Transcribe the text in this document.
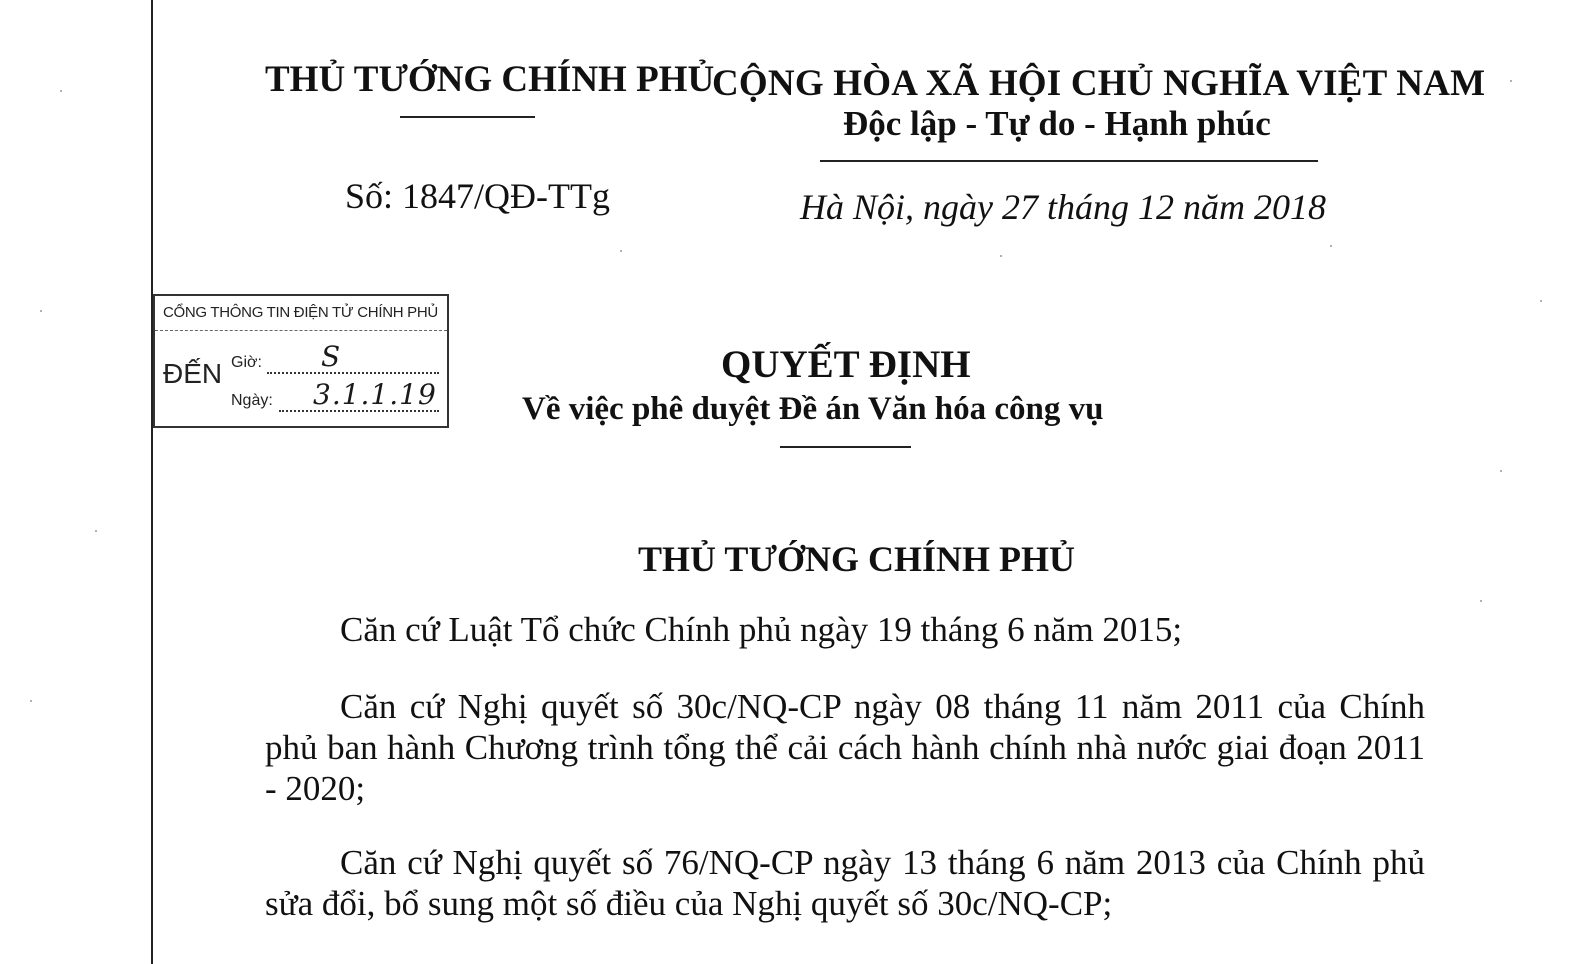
THỦ TƯỚNG CHÍNH PHỦ
CỘNG HÒA XÃ HỘI CHỦ NGHĨA VIỆT NAM
Độc lập - Tự do - Hạnh phúc
Số: 1847/QĐ-TTg	Hà Nội, ngày 27 tháng 12 năm 2018
CỔNG THÔNG TIN ĐIỆN TỬ CHÍNH PHỦ
ĐẾN Giờ: S
Ngày: 3.1.1.19
QUYẾT ĐỊNH
Về việc phê duyệt Đề án Văn hóa công vụ
THỦ TƯỚNG CHÍNH PHỦ
Căn cứ Luật Tổ chức Chính phủ ngày 19 tháng 6 năm 2015;
Căn cứ Nghị quyết số 30c/NQ-CP ngày 08 tháng 11 năm 2011 của Chính phủ ban hành Chương trình tổng thể cải cách hành chính nhà nước giai đoạn 2011 - 2020;
Căn cứ Nghị quyết số 76/NQ-CP ngày 13 tháng 6 năm 2013 của Chính phủ sửa đổi, bổ sung một số điều của Nghị quyết số 30c/NQ-CP;
